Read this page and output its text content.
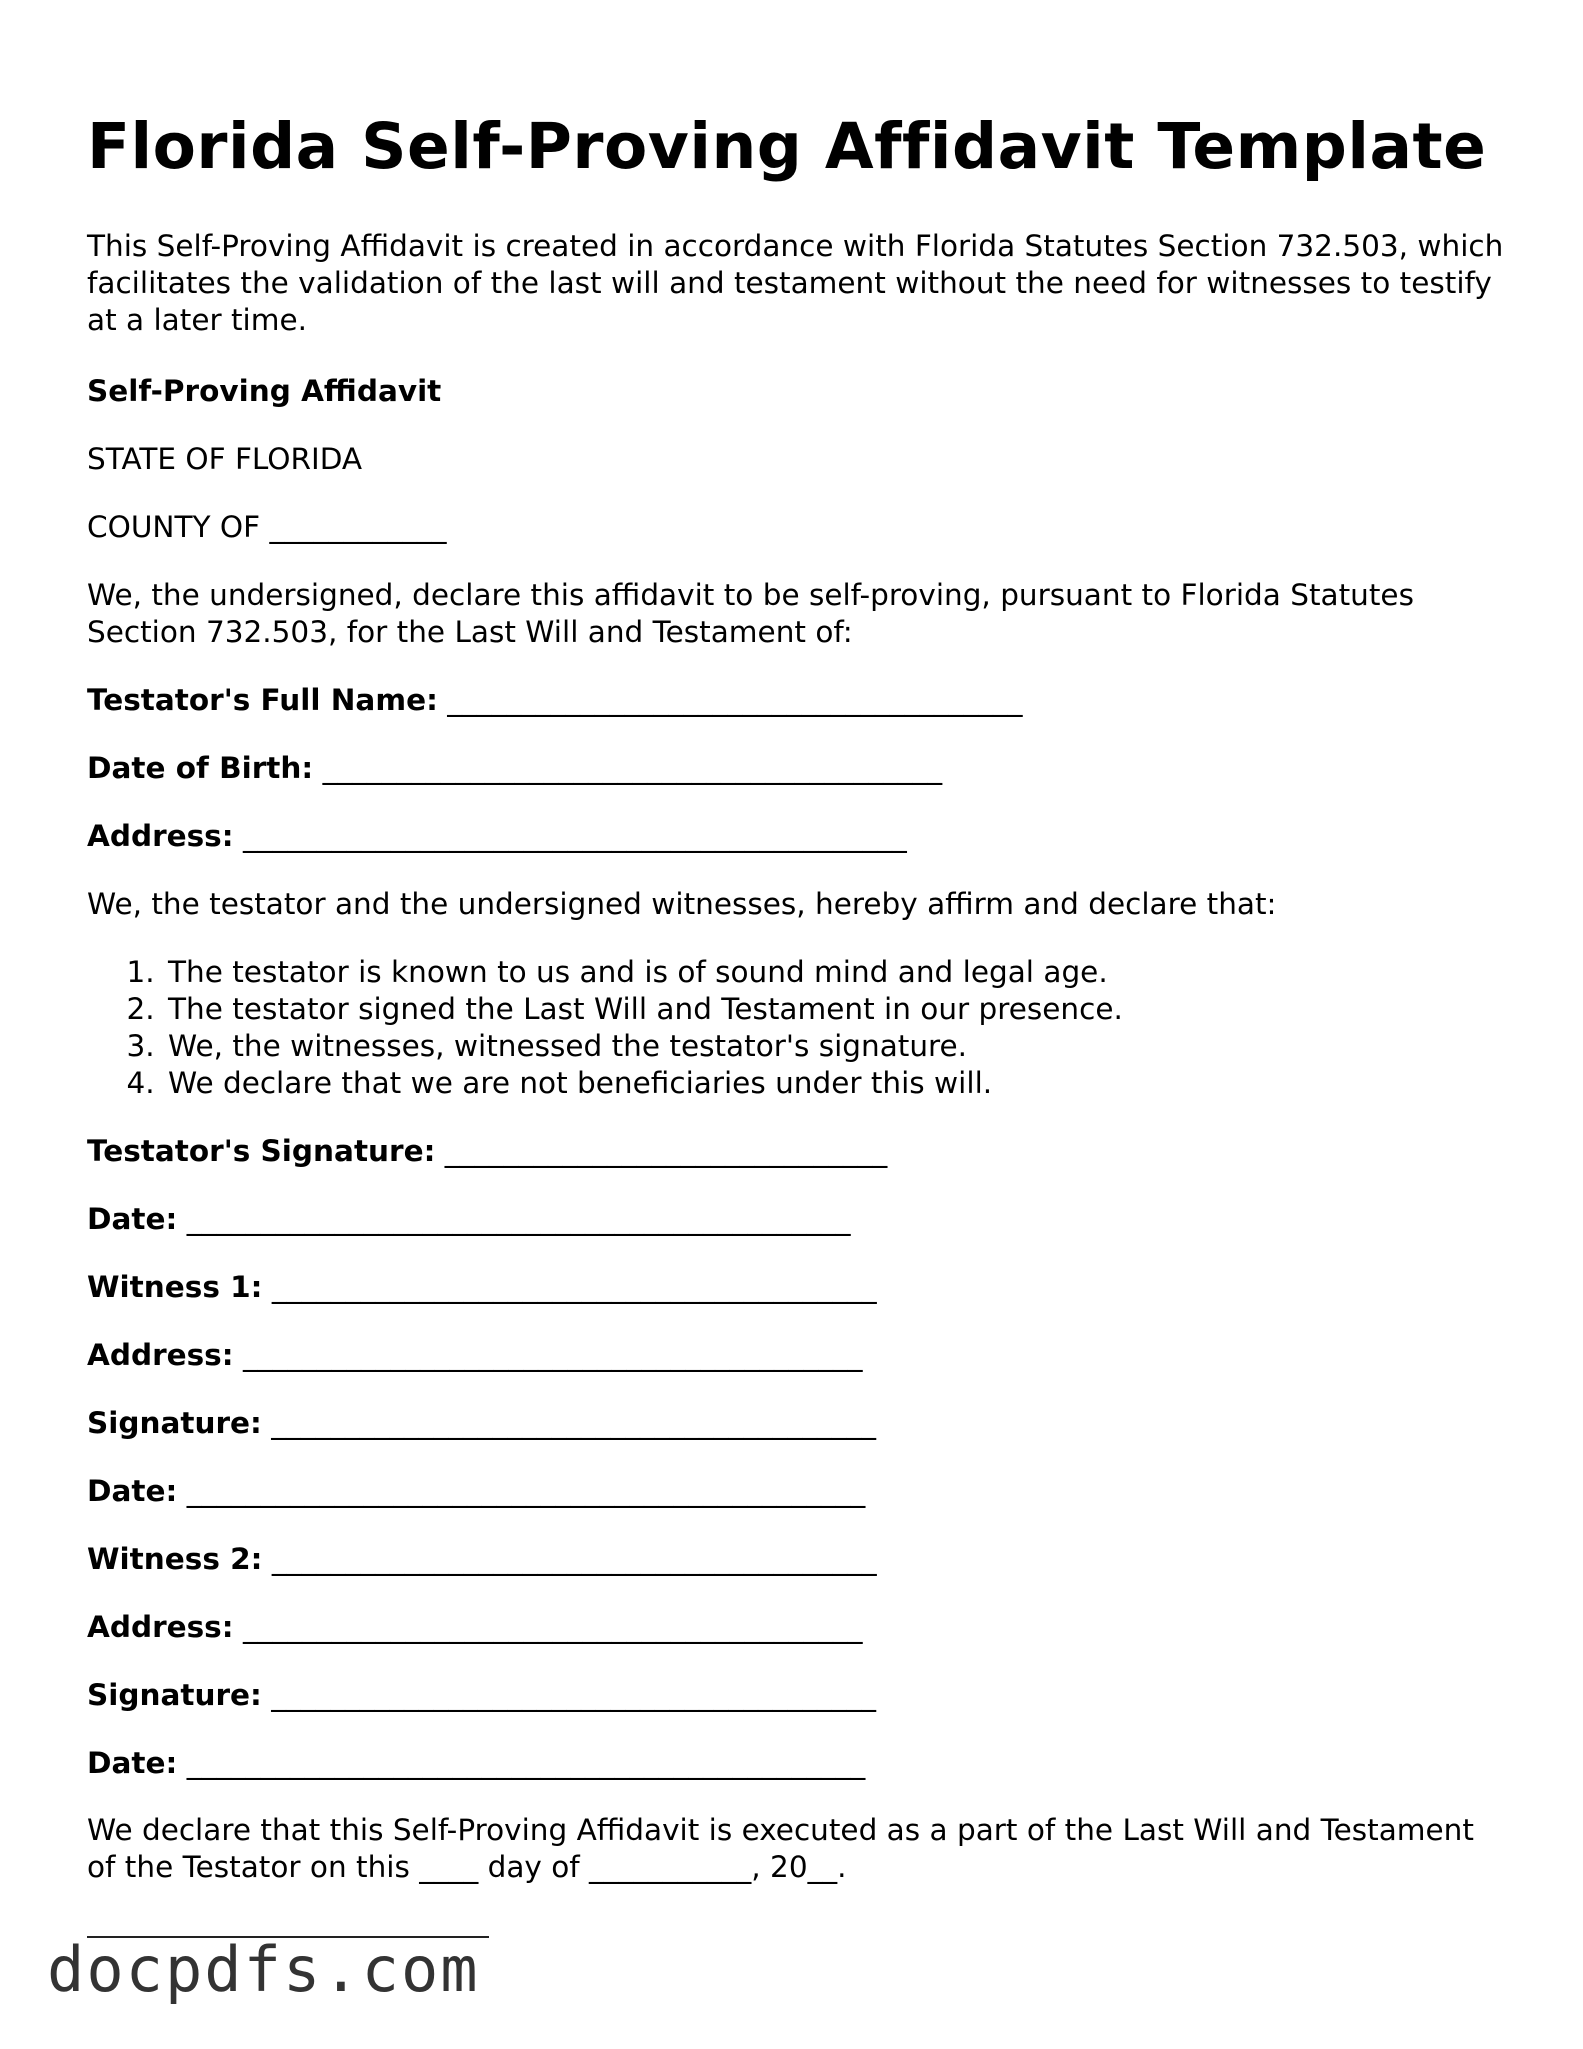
Florida Self-Proving Affidavit Template

This Self-Proving Affidavit is created in accordance with Florida Statutes Section 732.503, which facilitates the validation of the last will and testament without the need for witnesses to testify at a later time.

Self-Proving Affidavit

STATE OF FLORIDA

COUNTY OF ____________

We, the undersigned, declare this affidavit to be self-proving, pursuant to Florida Statutes Section 732.503, for the Last Will and Testament of:

Testator's Full Name: _______________________________________

Date of Birth: __________________________________________

Address: _____________________________________________

We, the testator and the undersigned witnesses, hereby affirm and declare that:

1. The testator is known to us and is of sound mind and legal age.
2. The testator signed the Last Will and Testament in our presence.
3. We, the witnesses, witnessed the testator's signature.
4. We declare that we are not beneficiaries under this will.

Testator's Signature: ______________________________

Date: _____________________________________________

Witness 1: _________________________________________

Address: __________________________________________

Signature: _________________________________________

Date: ______________________________________________

Witness 2: _________________________________________

Address: __________________________________________

Signature: _________________________________________

Date: ______________________________________________

We declare that this Self-Proving Affidavit is executed as a part of the Last Will and Testament of the Testator on this ____ day of ___________, 20__.

docpdfs.com
